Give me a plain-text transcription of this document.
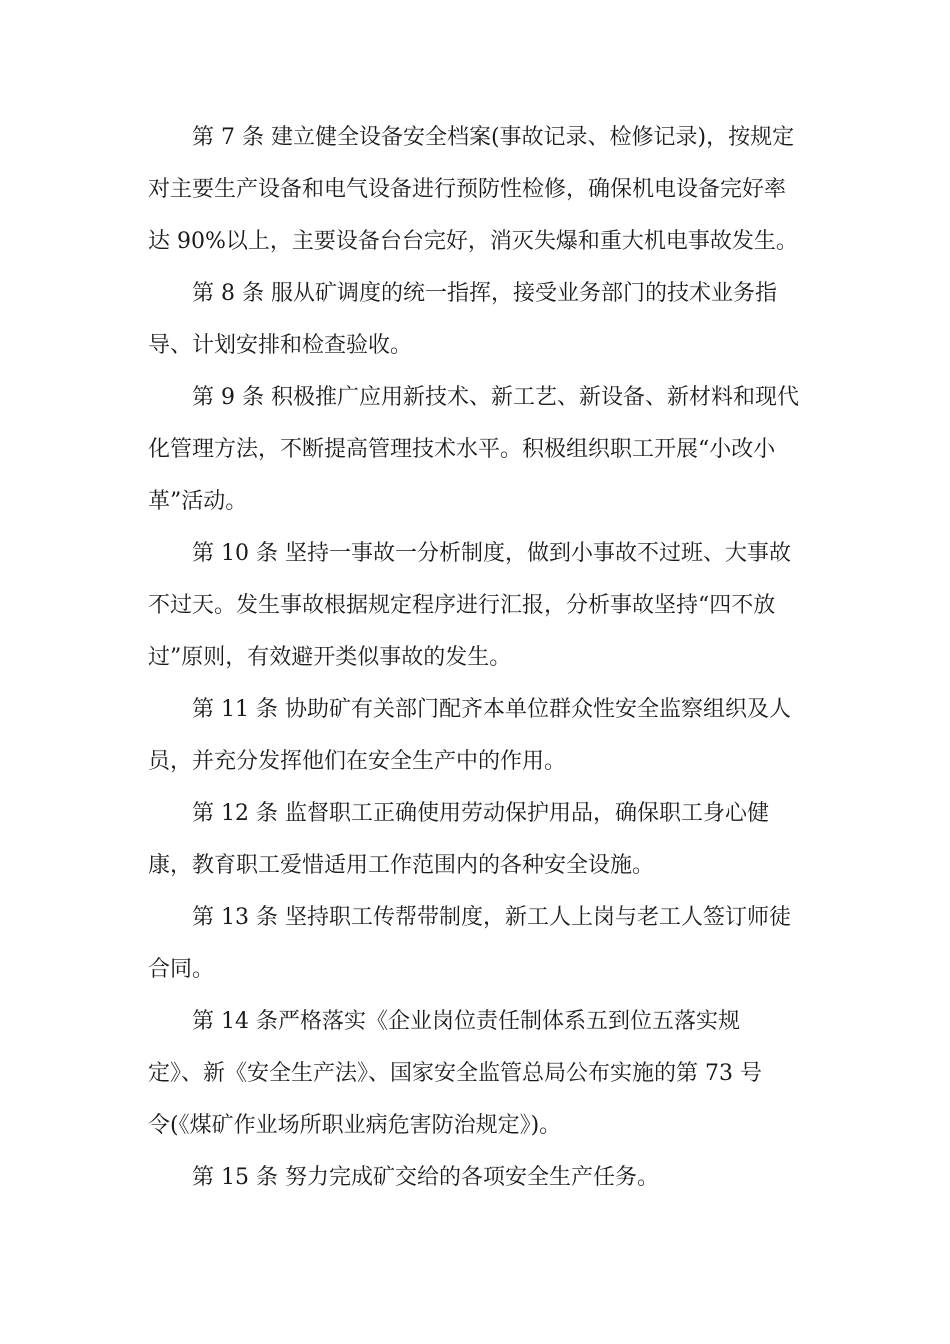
第 7 条 建立健全设备安全档案(事故记录、检修记录)，按规定
对主要生产设备和电气设备进行预防性检修，确保机电设备完好率
达 90%以上，主要设备台台完好，消灭失爆和重大机电事故发生。

第 8 条 服从矿调度的统一指挥，接受业务部门的技术业务指
导、计划安排和检查验收。

第 9 条 积极推广应用新技术、新工艺、新设备、新材料和现代
化管理方法，不断提高管理技术水平。积极组织职工开展“小改小
革”活动。

第 10 条 坚持一事故一分析制度，做到小事故不过班、大事故
不过天。发生事故根据规定程序进行汇报，分析事故坚持“四不放
过”原则，有效避开类似事故的发生。

第 11 条 协助矿有关部门配齐本单位群众性安全监察组织及人
员，并充分发挥他们在安全生产中的作用。

第 12 条 监督职工正确使用劳动保护用品，确保职工身心健
康，教育职工爱惜适用工作范围内的各种安全设施。

第 13 条 坚持职工传帮带制度，新工人上岗与老工人签订师徒
合同。

第 14 条严格落实《企业岗位责任制体系五到位五落实规
定》、新《安全生产法》、国家安全监管总局公布实施的第 73 号
令(《煤矿作业场所职业病危害防治规定》)。

第 15 条 努力完成矿交给的各项安全生产任务。
